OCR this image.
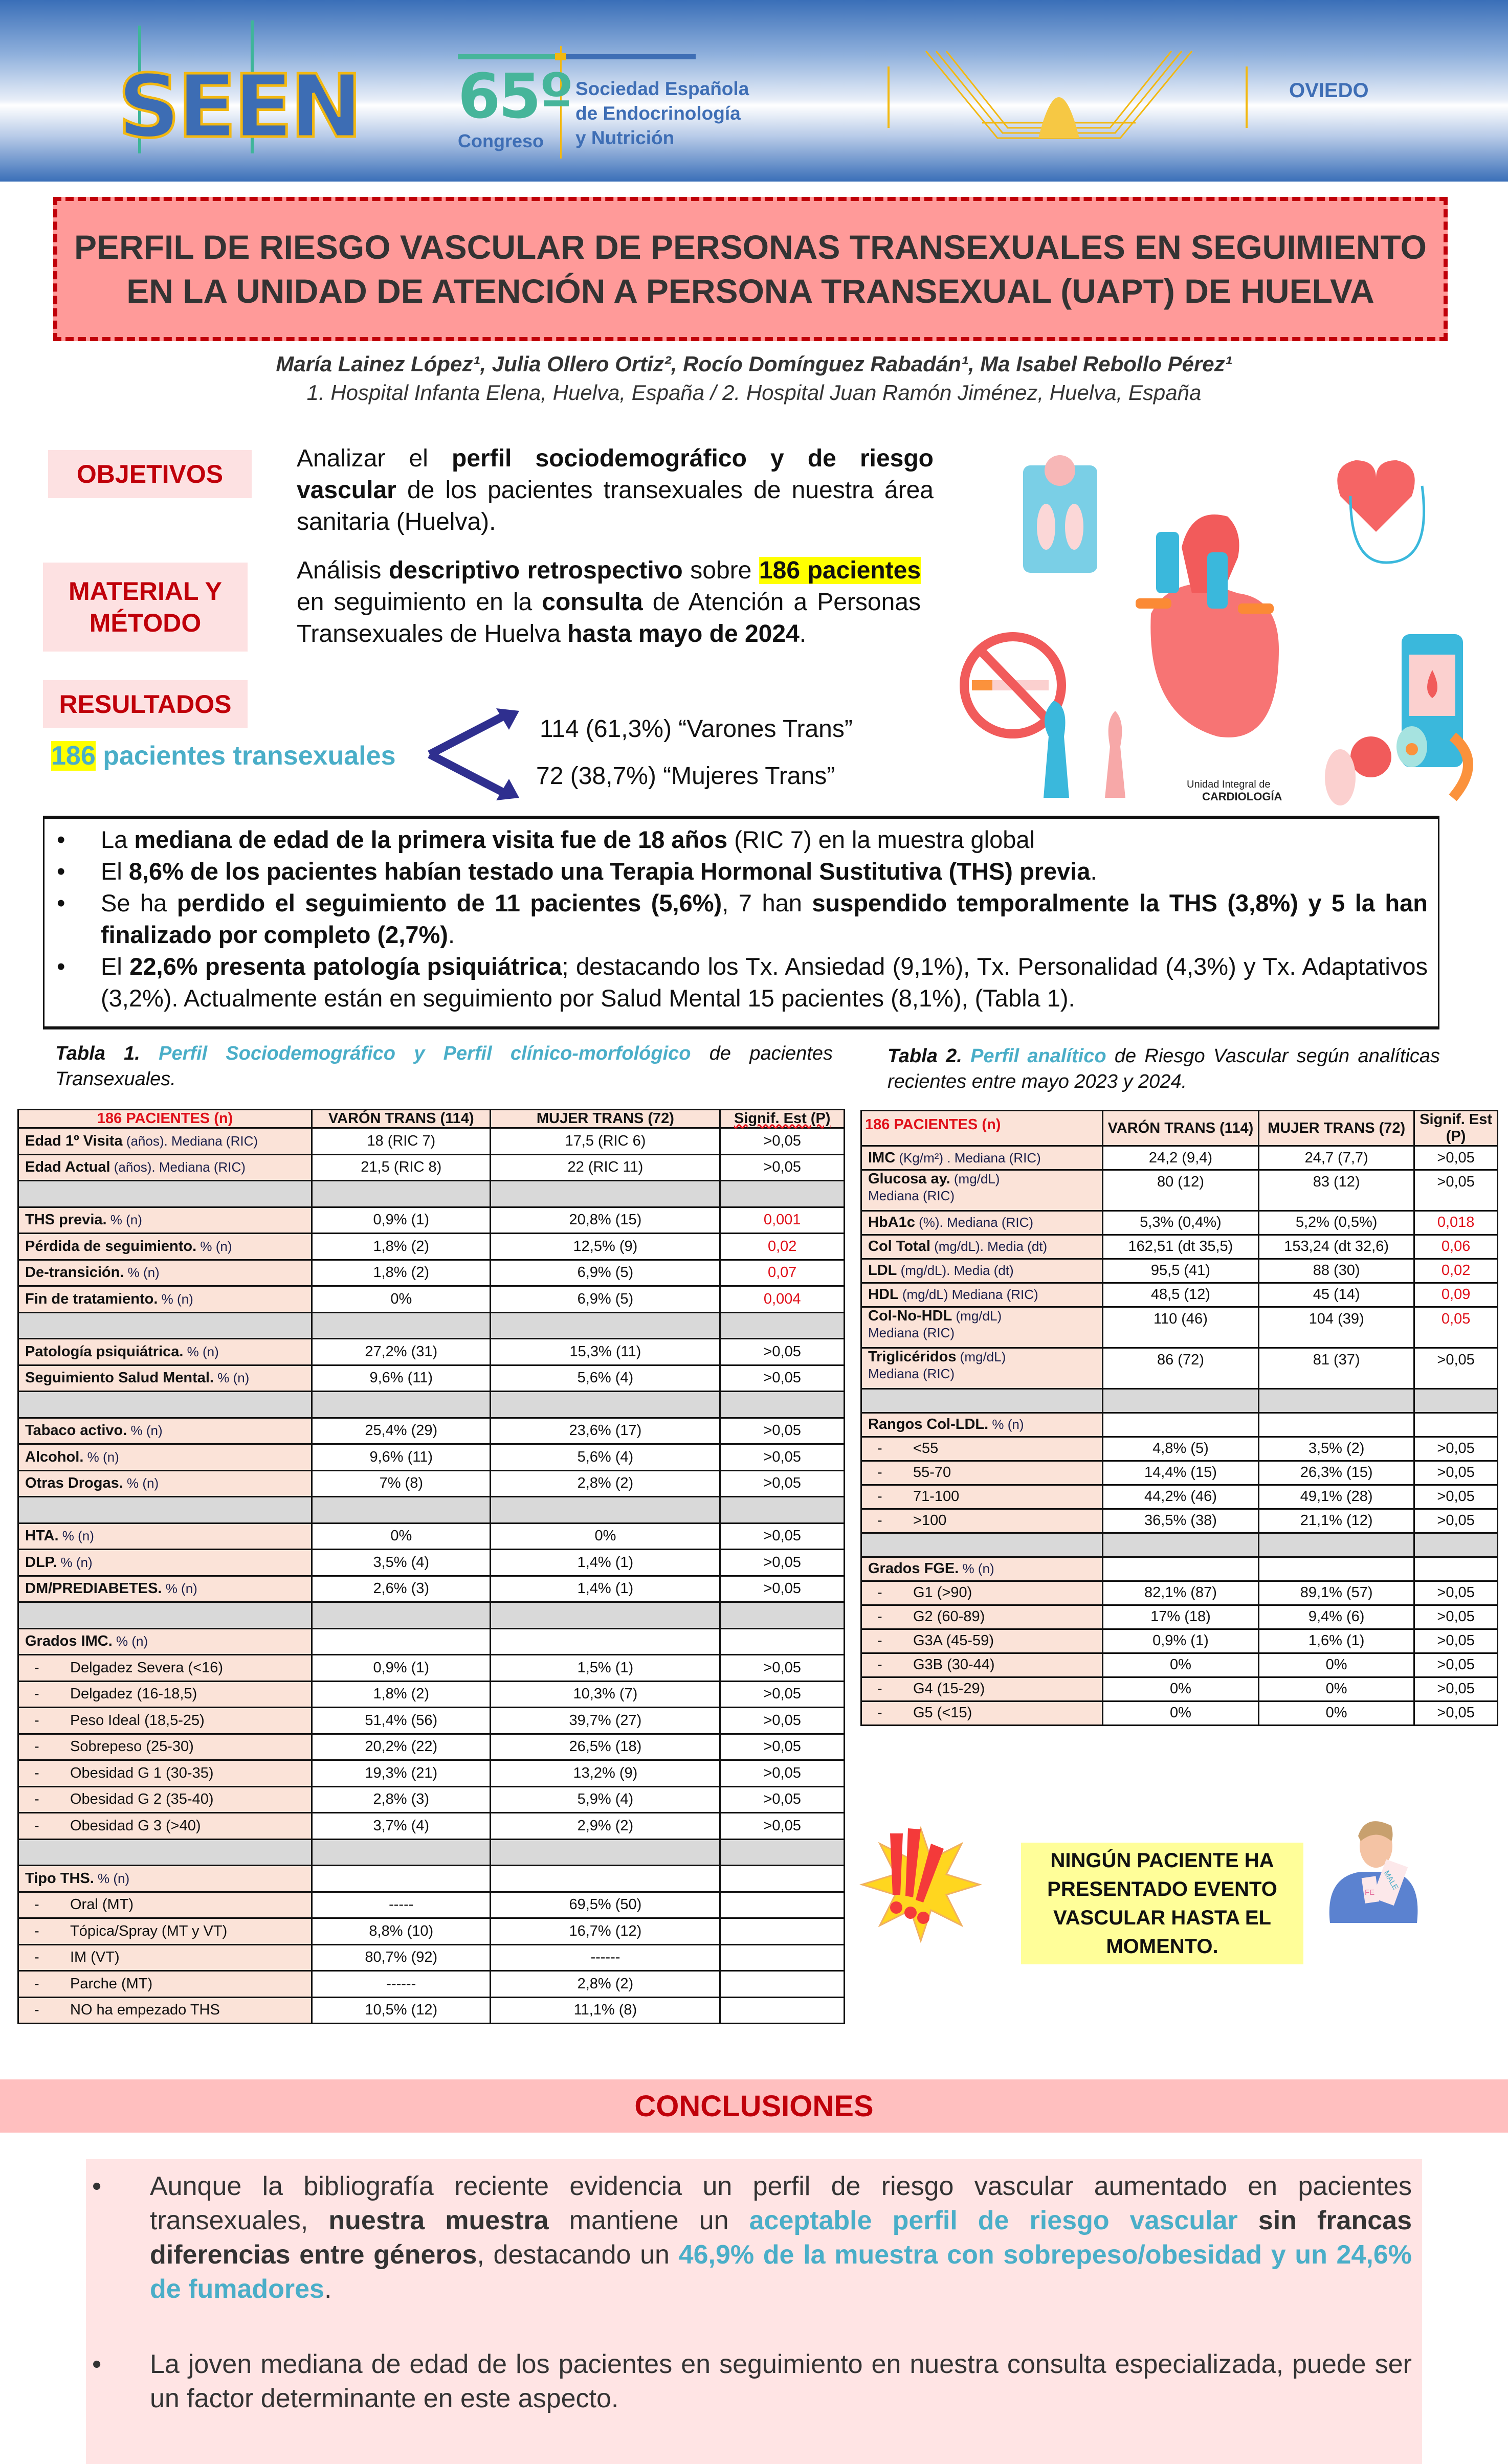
SEEN 65º
Congreso
Sociedad Española
de Endocrinología
y Nutrición
OVIEDO
PERFIL DE RIESGO VASCULAR DE PERSONAS TRANSEXUALES EN SEGUIMIENTO EN LA UNIDAD DE ATENCIÓN A PERSONA TRANSEXUAL (UAPT) DE HUELVA
María Lainez López¹, Julia Ollero Ortiz², Rocío Domínguez Rabadán¹, Ma Isabel Rebollo Pérez¹
1. Hospital Infanta Elena, Huelva, España / 2. Hospital Juan Ramón Jiménez, Huelva, España
OBJETIVOS
Analizar el perfil sociodemográfico y de riesgo vascular de los pacientes transexuales de nuestra área sanitaria (Huelva).
MATERIAL Y
MÉTODO
Análisis descriptivo retrospectivo sobre 186 pacientes en seguimiento en la consulta de Atención a Personas Transexuales de Huelva hasta mayo de 2024.
RESULTADOS
186 pacientes transexuales
114 (61,3%) “Varones Trans”
72 (38,7%) “Mujeres Trans”	Unidad Integral de
CARDIOLOGÍA
• La mediana de edad de la primera visita fue de 18 años (RIC 7) en la muestra global
• El 8,6% de los pacientes habían testado una Terapia Hormonal Sustitutiva (THS) previa.
• Se ha perdido el seguimiento de 11 pacientes (5,6%), 7 han suspendido temporalmente la THS (3,8%) y 5 la han finalizado por completo (2,7%).
• El 22,6% presenta patología psiquiátrica; destacando los Tx. Ansiedad (9,1%), Tx. Personalidad (4,3%) y Tx. Adaptativos (3,2%). Actualmente están en seguimiento por Salud Mental 15 pacientes (8,1%), (Tabla 1).
Tabla 1. Perfil Sociodemográfico y Perfil clínico-morfológico de pacientes Transexuales.
186 PACIENTES (n)	VARÓN TRANS (114)	MUJER TRANS (72)	Signif. Est (P)
Edad 1º Visita (años). Mediana (RIC)	18 (RIC 7)	17,5 (RIC 6)	>0,05
Edad Actual (años). Mediana (RIC)	21,5 (RIC 8)	22 (RIC 11)	>0,05

THS previa. % (n)	0,9% (1)	20,8% (15)	0,001
Pérdida de seguimiento. % (n)	1,8% (2)	12,5% (9)	0,02
De-transición. % (n)	1,8% (2)	6,9% (5)	0,07
Fin de tratamiento. % (n)	0%	6,9% (5)	0,004

Patología psiquiátrica. % (n)	27,2% (31)	15,3% (11)	>0,05
Seguimiento Salud Mental. % (n)	9,6% (11)	5,6% (4)	>0,05

Tabaco activo. % (n)	25,4% (29)	23,6% (17)	>0,05
Alcohol. % (n)	9,6% (11)	5,6% (4)	>0,05
Otras Drogas. % (n)	7% (8)	2,8% (2)	>0,05

HTA. % (n)	0%	0%	>0,05
DLP. % (n)	3,5% (4)	1,4% (1)	>0,05
DM/PREDIABETES. % (n)	2,6% (3)	1,4% (1)	>0,05

Grados IMC. % (n)			
- Delgadez Severa (<16)	0,9% (1)	1,5% (1)	>0,05
- Delgadez (16-18,5)	1,8% (2)	10,3% (7)	>0,05
- Peso Ideal (18,5-25)	51,4% (56)	39,7% (27)	>0,05
- Sobrepeso (25-30)	20,2% (22)	26,5% (18)	>0,05
- Obesidad G 1 (30-35)	19,3% (21)	13,2% (9)	>0,05
- Obesidad G 2 (35-40)	2,8% (3)	5,9% (4)	>0,05
- Obesidad G 3 (>40)	3,7% (4)	2,9% (2)	>0,05

Tipo THS. % (n)			
- Oral (MT)	-----	69,5% (50)	
- Tópica/Spray (MT y VT)	8,8% (10)	16,7% (12)	
- IM (VT)	80,7% (92)	------	
- Parche (MT)	------	2,8% (2)	
- NO ha empezado THS	10,5% (12)	11,1% (8)	
Tabla 2. Perfil analítico de Riesgo Vascular según analíticas recientes entre mayo 2023 y 2024.
186 PACIENTES (n)	VARÓN TRANS (114)	MUJER TRANS (72)	Signif. Est (P)
IMC (Kg/m²) . Mediana (RIC)	24,2 (9,4)	24,7 (7,7)	>0,05
Glucosa ay. (mg/dL)
Mediana (RIC)	80 (12)	83 (12)	>0,05
HbA1c (%). Mediana (RIC)	5,3% (0,4%)	5,2% (0,5%)	0,018
Col Total (mg/dL). Media (dt)	162,51 (dt 35,5)	153,24 (dt 32,6)	0,06
LDL (mg/dL). Media (dt)	95,5 (41)	88 (30)	0,02
HDL (mg/dL) Mediana (RIC)	48,5 (12)	45 (14)	0,09
Col-No-HDL (mg/dL)
Mediana (RIC)	110 (46)	104 (39)	0,05
Triglicéridos (mg/dL)
Mediana (RIC)	86 (72)	81 (37)	>0,05

Rangos Col-LDL. % (n)			
- <55	4,8% (5)	3,5% (2)	>0,05
- 55-70	14,4% (15)	26,3% (15)	>0,05
- 71-100	44,2% (46)	49,1% (28)	>0,05
- >100	36,5% (38)	21,1% (12)	>0,05

Grados FGE. % (n)			
- G1 (>90)	82,1% (87)	89,1% (57)	>0,05
- G2 (60-89)	17% (18)	9,4% (6)	>0,05
- G3A (45-59)	0,9% (1)	1,6% (1)	>0,05
- G3B (30-44)	0%	0%	>0,05
- G4 (15-29)	0%	0%	>0,05
- G5 (<15)	0%	0%	>0,05
NINGÚN PACIENTE HA PRESENTADO EVENTO VASCULAR HASTA EL MOMENTO.
FE
MALE
CONCLUSIONES
• Aunque la bibliografía reciente evidencia un perfil de riesgo vascular aumentado en pacientes transexuales, nuestra muestra mantiene un aceptable perfil de riesgo vascular sin francas diferencias entre géneros, destacando un 46,9% de la muestra con sobrepeso/obesidad y un 24,6% de fumadores.
• La joven mediana de edad de los pacientes en seguimiento en nuestra consulta especializada, puede ser un factor determinante en este aspecto.
